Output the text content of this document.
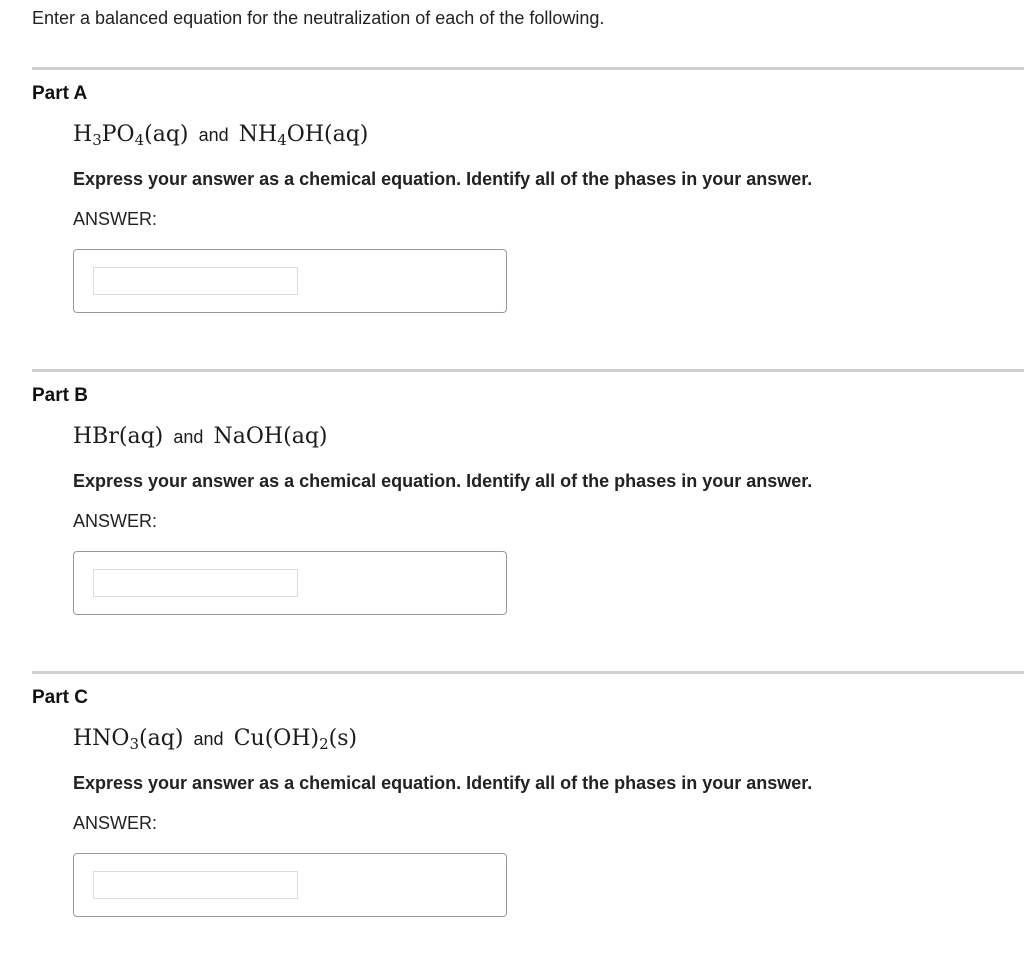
Enter a balanced equation for the neutralization of each of the following.
Part A
$H_3PO_4(aq)$ and $NH_4OH(aq)$
Express your answer as a chemical equation. Identify all of the phases in your answer.
ANSWER:
Part B
HBr(aq) and NaOH(aq)
Express your answer as a chemical equation. Identify all of the phases in your answer.
ANSWER:
Part C
$HNO_3(aq)$ and $Cu(OH)_2(s)$
Express your answer as a chemical equation. Identify all of the phases in your answer.
ANSWER:
